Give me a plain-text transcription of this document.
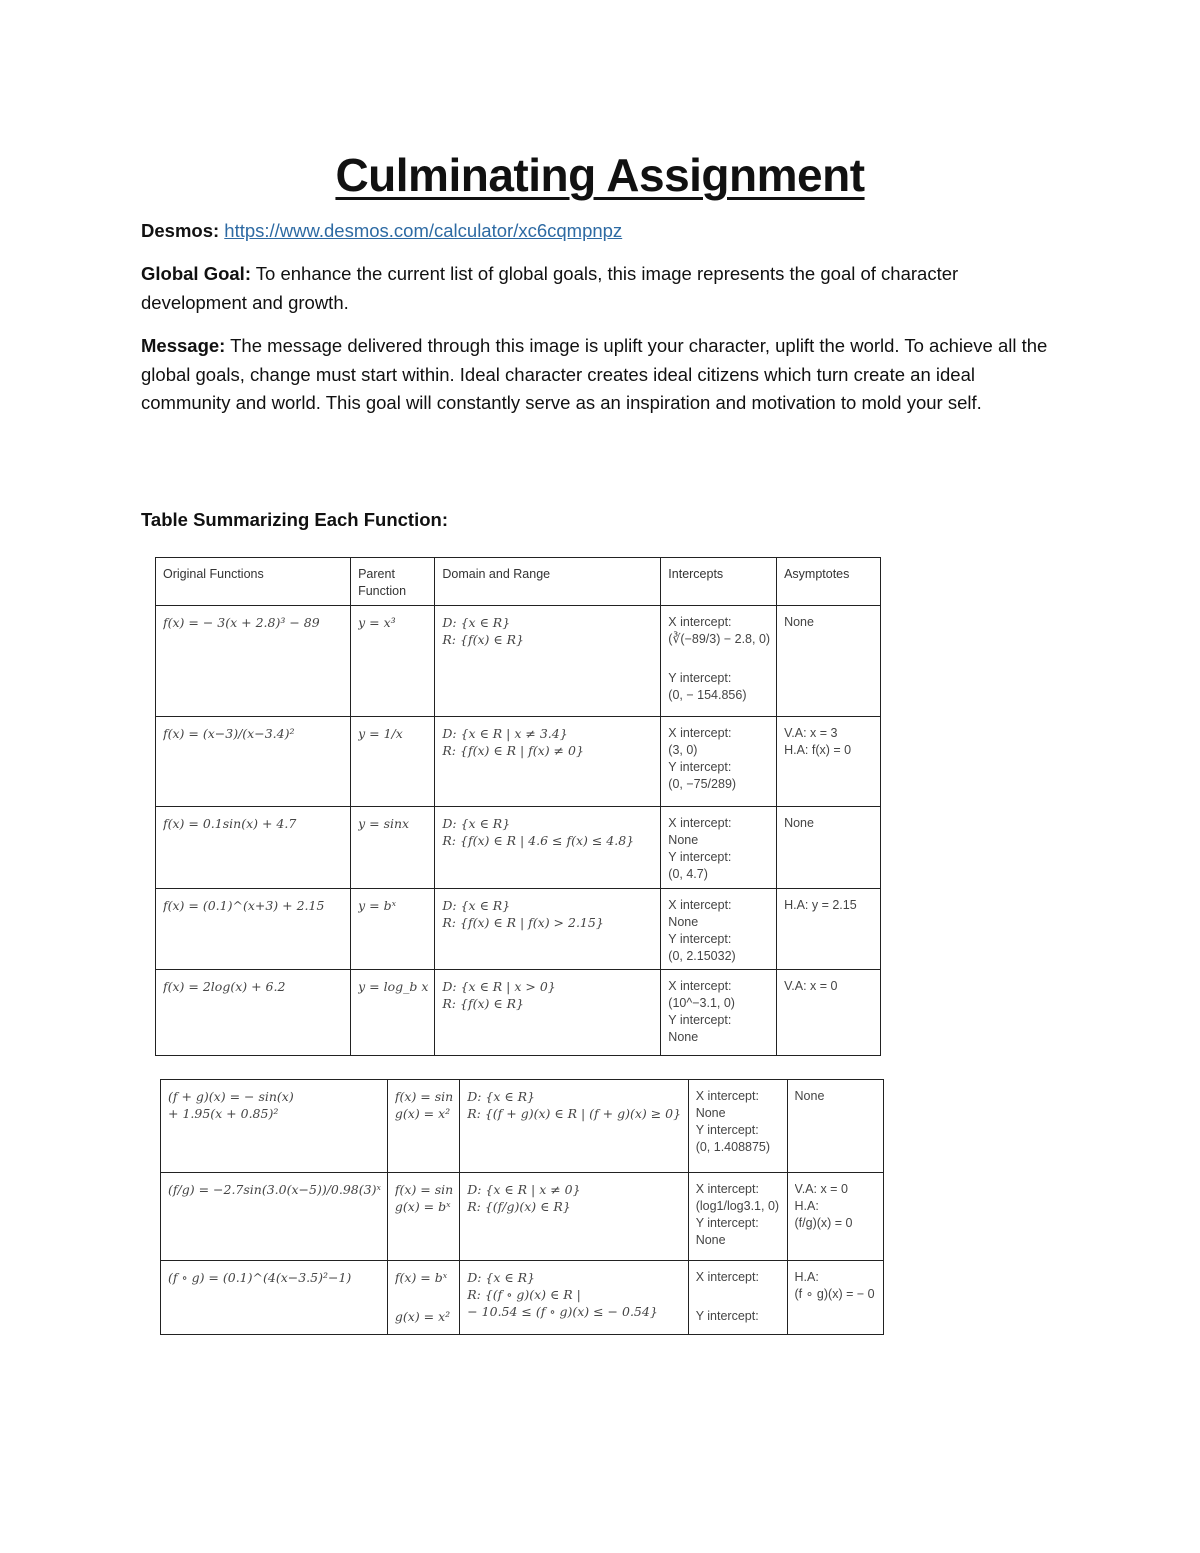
Culminating Assignment

Desmos: https://www.desmos.com/calculator/xc6cqmpnpz

Global Goal: To enhance the current list of global goals, this image represents the goal of character development and growth.

Message: The message delivered through this image is uplift your character, uplift the world. To achieve all the global goals, change must start within. Ideal character creates ideal citizens which turn create an ideal community and world. This goal will constantly serve as an inspiration and motivation to mold your self.

Table Summarizing Each Function:

Original Functions	Parent Function	Domain and Range	Intercepts	Asymptotes

f(x) = − 3(x + 2.8)³ − 89	y = x³	D: {x ∈ R}
R: {f(x) ∈ R}	X intercept:
(∛(−89/3) − 2.8, 0)
Y intercept:
(0, − 154.856)	None

f(x) = (x−3)/(x−3.4)²	y = 1/x	D: {x ∈ R | x ≠ 3.4}
R: {f(x) ∈ R | f(x) ≠ 0}	X intercept:
(3, 0)
Y intercept:
(0, −75/289)	V.A: x = 3
H.A: f(x) = 0

f(x) = 0.1sin(x) + 4.7	y = sinx	D: {x ∈ R}
R: {f(x) ∈ R | 4.6 ≤ f(x) ≤ 4.8}	X intercept:
None
Y intercept:
(0, 4.7)	None

f(x) = (0.1)^(x+3) + 2.15	y = bˣ	D: {x ∈ R}
R: {f(x) ∈ R | f(x) > 2.15}	X intercept:
None
Y intercept:
(0, 2.15032)	H.A: y = 2.15

f(x) = 2log(x) + 6.2	y = log_b x	D: {x ∈ R | x > 0}
R: {f(x) ∈ R}	X intercept:
(10^−3.1, 0)
Y intercept:
None	V.A: x = 0
(f + g)(x) = − sin(x)
+ 1.95(x + 0.85)²	f(x) = sin
g(x) = x²	D: {x ∈ R}
R: {(f + g)(x) ∈ R | (f + g)(x) ≥ 0}	X intercept:
None
Y intercept:
(0, 1.408875)	None

(f/g) = −2.7sin(3.0(x−5))/0.98(3)ˣ	f(x) = sin
g(x) = bˣ	D: {x ∈ R | x ≠ 0}
R: {(f/g)(x) ∈ R}	X intercept:
(log1/log3.1, 0)
Y intercept:
None	V.A: x = 0
H.A:
(f/g)(x) = 0

(f ∘ g) = (0.1)^(4(x−3.5)²−1)	f(x) = bˣ
g(x) = x²	D: {x ∈ R}
R: {(f ∘ g)(x) ∈ R |
− 10.54 ≤ (f ∘ g)(x) ≤ − 0.54}	X intercept:
Y intercept:	H.A:
(f ∘ g)(x) = − 0
